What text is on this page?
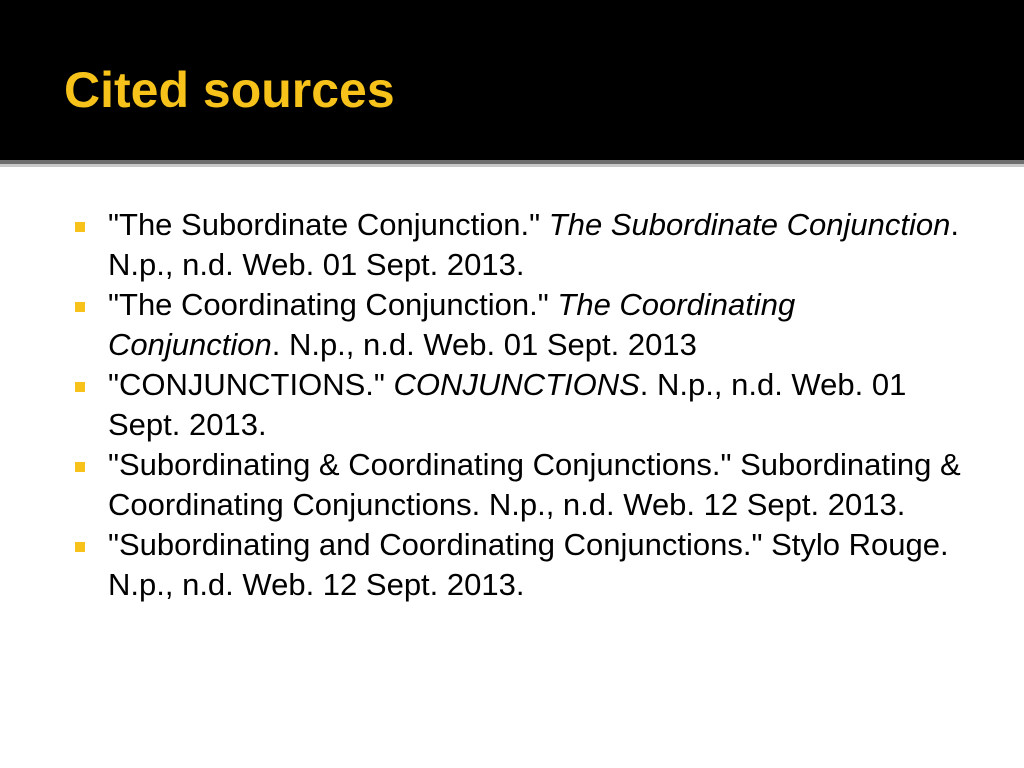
Cited sources
"The Subordinate Conjunction." The Subordinate Conjunction. N.p., n.d. Web. 01 Sept. 2013.
"The Coordinating Conjunction." The Coordinating Conjunction. N.p., n.d. Web. 01 Sept. 2013
"CONJUNCTIONS." CONJUNCTIONS. N.p., n.d. Web. 01 Sept. 2013.
"Subordinating & Coordinating Conjunctions." Subordinating & Coordinating Conjunctions. N.p., n.d. Web. 12 Sept. 2013.
"Subordinating and Coordinating Conjunctions." Stylo Rouge. N.p., n.d. Web. 12 Sept. 2013.
